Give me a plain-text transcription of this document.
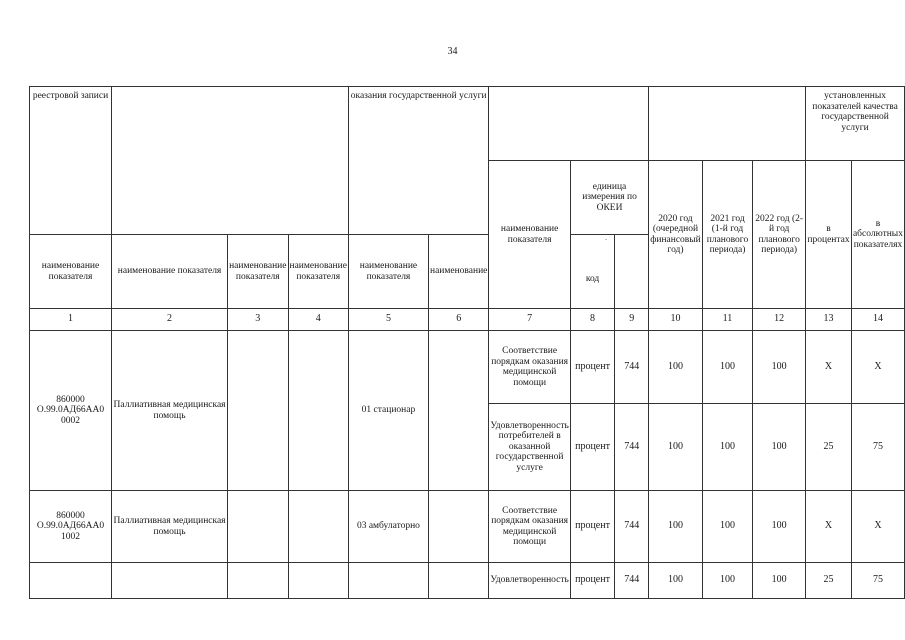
34
реестровой записи				оказания государственной услуги								установленных показателей качества государственной услуги	
						наименование показателя	единица измерения по ОКЕИ		2020 год (очередной финансовый год)	2021 год (1-й год планового периода)	2022 год (2-й год планового периода)	в процентах	в абсолютных показателях
наименование показателя	наименование показателя	наименование показателя	наименование показателя	наименование показателя	наименование		·						

							код						
1	2	3	4	5	6	7	8	9	10	11	12	13	14
860000 О.99.0АД66АА0 0002	Паллиативная медицинская помощь			01 стационар		Соответствие порядкам оказания медицинской помощи	процент	744	100	100	100	Х	Х
						Удовлетворенность потребителей в оказанной государственной услуге	процент	744	100	100	100	25	75
860000 О.99.0АД66АА0 1002	Паллиативная медицинская помощь			03 амбулаторно		Соответствие порядкам оказания медицинской помощи	процент	744	100	100	100	Х	Х
						Удовлетворенность	процент	744	100	100	100	25	75
